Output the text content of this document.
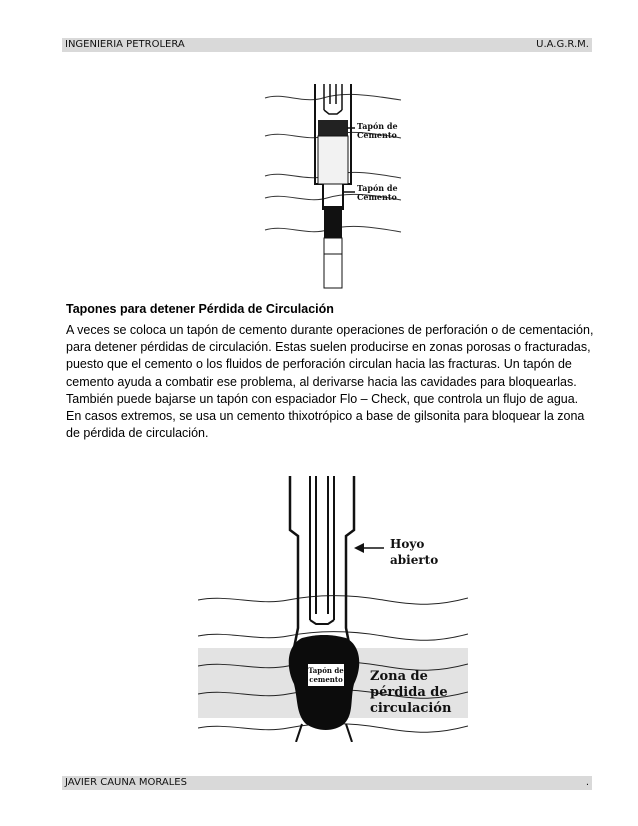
INGENIERIA PETROLERA	U.A.G.R.M.
Tapón de
Cemento
Tapón de
Cemento
Tapones para detener Pérdida de Circulación
A veces se coloca un tapón de cemento durante operaciones de perforación o de cementación,
para detener pérdidas de circulación. Estas suelen producirse en zonas porosas o fracturadas,
puesto que el cemento o los fluidos de perforación circulan hacia las fracturas. Un tapón de
cemento ayuda a combatir ese problema, al derivarse hacia las cavidades para bloquearlas.
También puede bajarse un tapón con espaciador Flo – Check, que controla un flujo de agua.
En casos extremos, se usa un cemento thixotrópico a base de gilsonita para bloquear la zona
de pérdida de circulación.
Tapón de
cemento
Hoyo
abierto
Zona de
pérdida de
circulación
JAVIER CAUNA MORALES	.
